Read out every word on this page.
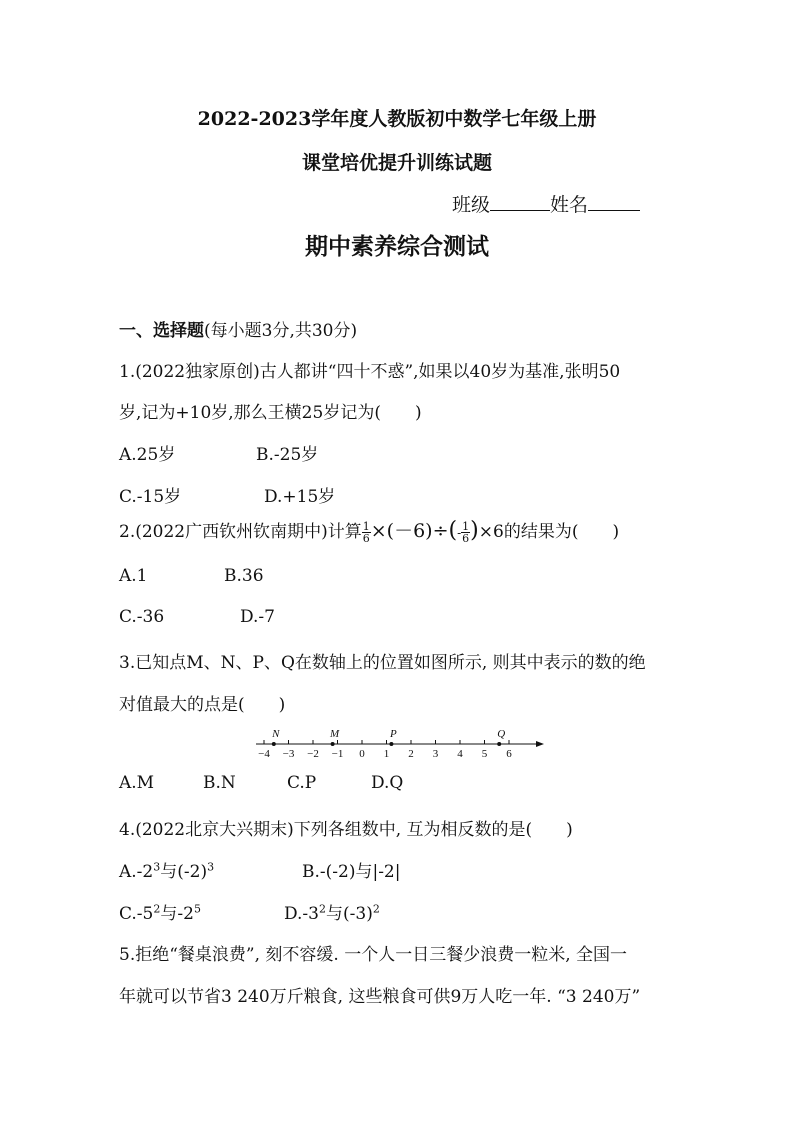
2022-2023学年度人教版初中数学七年级上册
课堂培优提升训练试题
班级	姓名
期中素养综合测试
一、选择题(每小题3分,共30分)
1.(2022独家原创)古人都讲“四十不惑”,如果以40岁为基准,张明50
岁,记为+10岁,那么王横25岁记为(　　)
A.25岁	B.-25岁
C.-15岁	D.+15岁
2.(2022广西钦州钦南期中)计算 $\frac{1}{6} \times(-6)\div(- \frac{1}{6} )\times 6$的结果为(　　)
A.1	B.36
C.-36	D.-7
3.已知点M、N、P、Q在数轴上的位置如图所示, 则其中表示的数的绝
对值最大的点是(　　)
−4 −3 −2 −1 0 1 2 3 4 5 6
N	M	P	Q
A.M	B.N	C.P	D.Q
4.(2022北京大兴期末)下列各组数中, 互为相反数的是(　　)
$A.-2^3$与$(-2)^3$	B.-(-2)与|-2|
$C.-5^2$与$-2^5$	$D.-3^2$与$(-3)^2$
5.拒绝“餐桌浪费”, 刻不容缓. 一个人一日三餐少浪费一粒米, 全国一
年就可以节省3 240万斤粮食, 这些粮食可供9万人吃一年. “3 240万”
